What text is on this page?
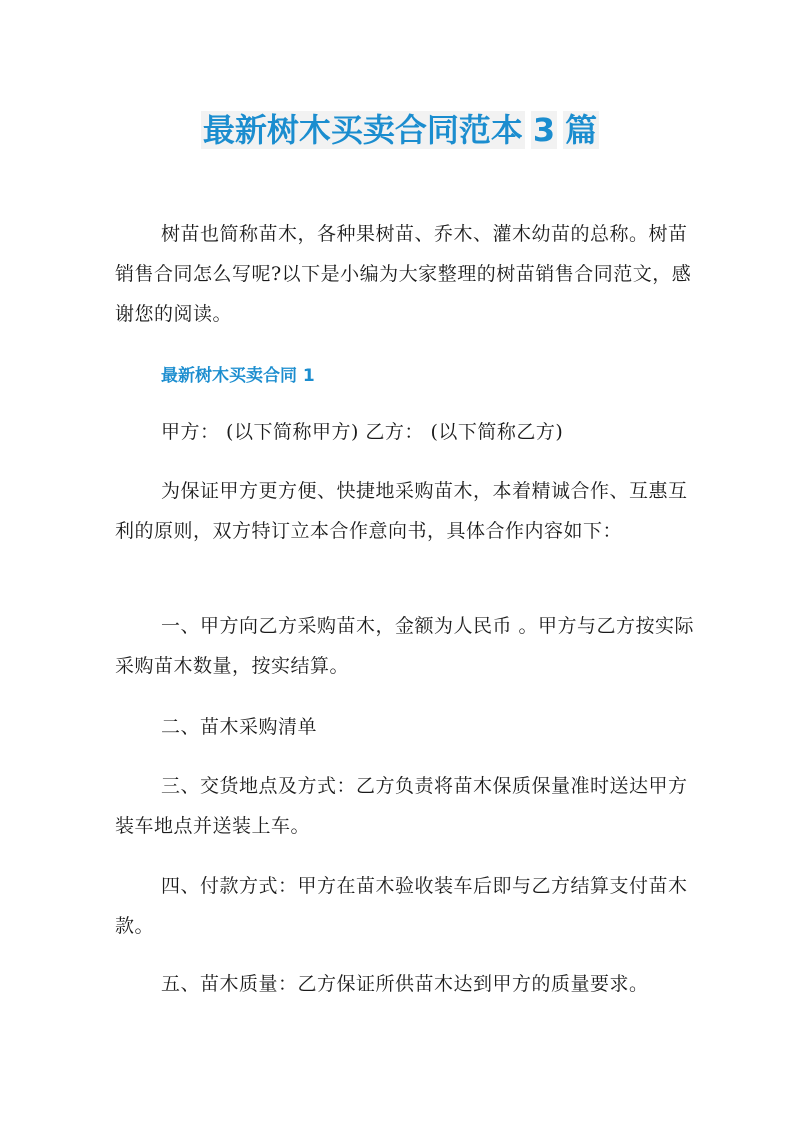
最新树木买卖合同范本 3 篇

树苗也简称苗木，各种果树苗、乔木、灌木幼苗的总称。树苗销售合同怎么写呢?以下是小编为大家整理的树苗销售合同范文，感谢您的阅读。

最新树木买卖合同 1

甲方： (以下简称甲方) 乙方： (以下简称乙方)

为保证甲方更方便、快捷地采购苗木，本着精诚合作、互惠互利的原则，双方特订立本合作意向书，具体合作内容如下：

一、甲方向乙方采购苗木，金额为人民币 。甲方与乙方按实际采购苗木数量，按实结算。

二、苗木采购清单

三、交货地点及方式：乙方负责将苗木保质保量准时送达甲方装车地点并送装上车。

四、付款方式：甲方在苗木验收装车后即与乙方结算支付苗木款。

五、苗木质量：乙方保证所供苗木达到甲方的质量要求。
